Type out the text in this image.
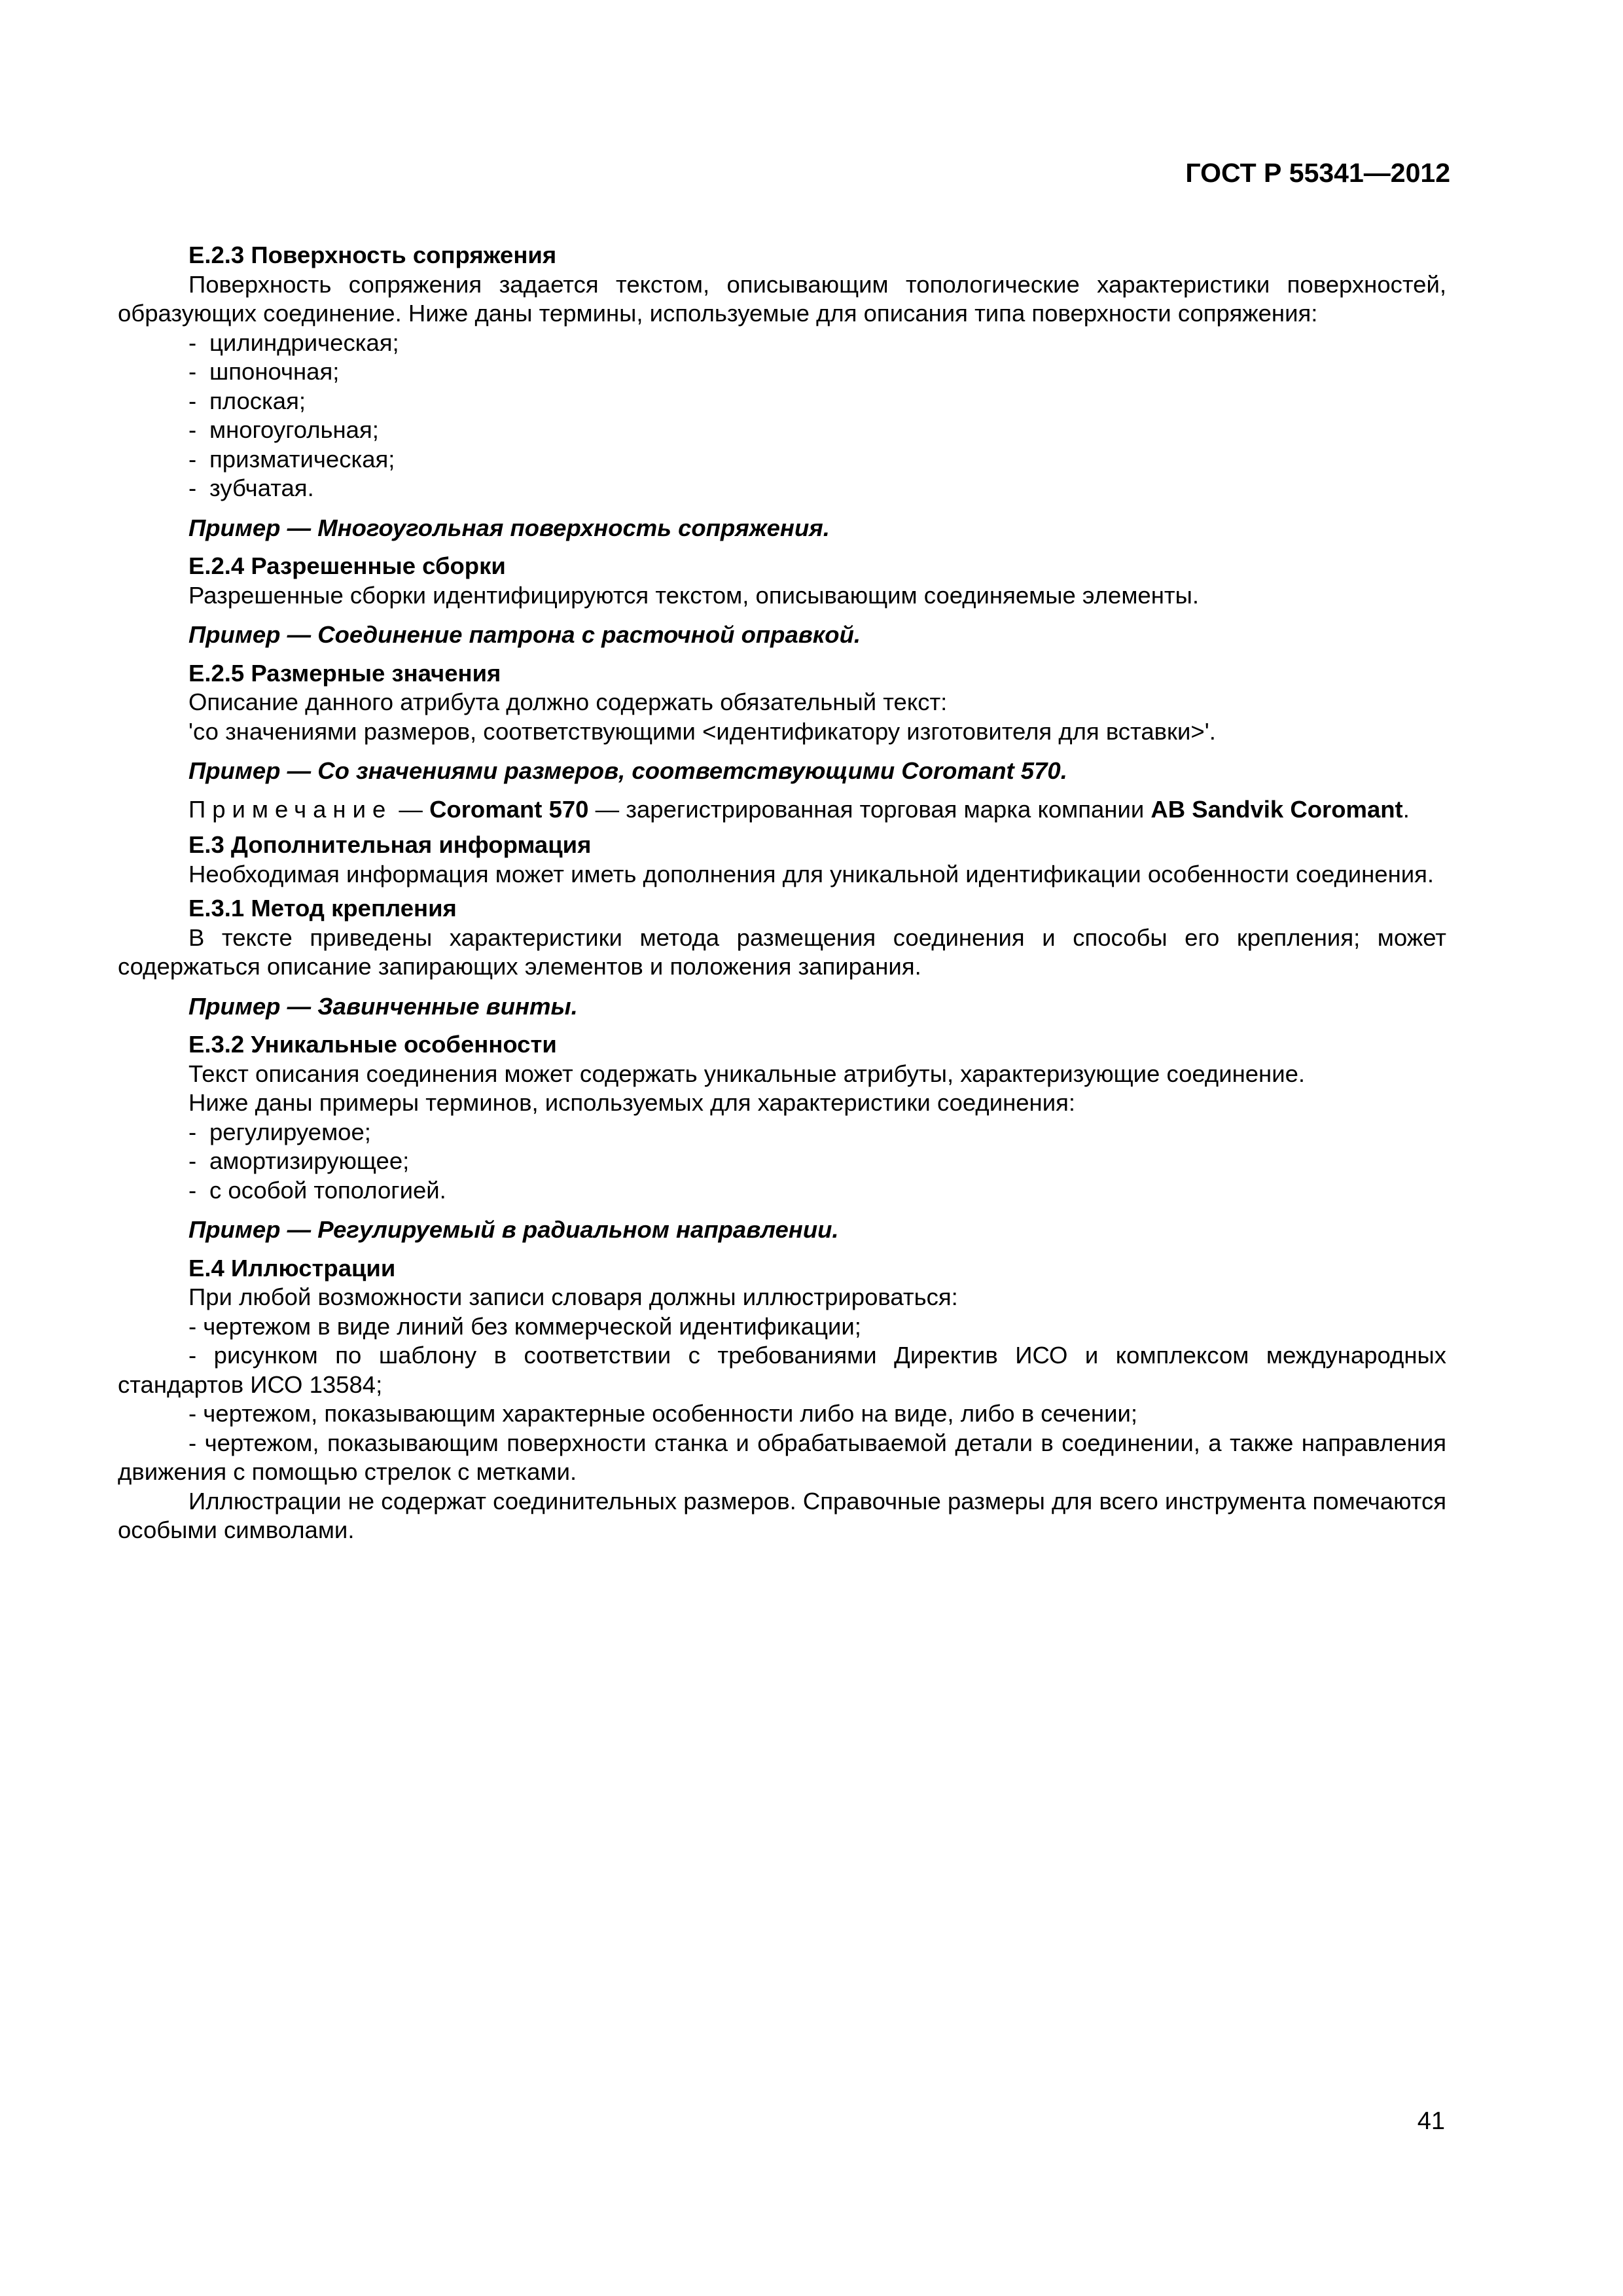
ГОСТ Р 55341—2012
Е.2.3 Поверхность сопряжения
Поверхность сопряжения задается текстом, описывающим топологические характеристики поверхностей, образующих соединение. Ниже даны термины, используемые для описания типа поверхности сопряжения:
- цилиндрическая;
- шпоночная;
- плоская;
- многоугольная;
- призматическая;
- зубчатая.
Пример — Многоугольная поверхность сопряжения.
Е.2.4 Разрешенные сборки
Разрешенные сборки идентифицируются текстом, описывающим соединяемые элементы.
Пример — Соединение патрона с расточной оправкой.
Е.2.5 Размерные значения
Описание данного атрибута должно содержать обязательный текст:
'со значениями размеров, соответствующими <идентификатору изготовителя для вставки>'.
Пример — Со значениями размеров, соответствующими Coromant 570.
Примечание — Coromant 570 — зарегистрированная торговая марка компании AB Sandvik Coromant.
Е.3 Дополнительная информация
Необходимая информация может иметь дополнения для уникальной идентификации особенности соединения.
Е.3.1 Метод крепления
В тексте приведены характеристики метода размещения соединения и способы его крепления; может содержаться описание запирающих элементов и положения запирания.
Пример — Завинченные винты.
Е.3.2 Уникальные особенности
Текст описания соединения может содержать уникальные атрибуты, характеризующие соединение.
Ниже даны примеры терминов, используемых для характеристики соединения:
- регулируемое;
- амортизирующее;
- с особой топологией.
Пример — Регулируемый в радиальном направлении.
Е.4 Иллюстрации
При любой возможности записи словаря должны иллюстрироваться:
- чертежом в виде линий без коммерческой идентификации;
- рисунком по шаблону в соответствии с требованиями Директив ИСО и комплексом международных стандартов ИСО 13584;
- чертежом, показывающим характерные особенности либо на виде, либо в сечении;
- чертежом, показывающим поверхности станка и обрабатываемой детали в соединении, а также направления движения с помощью стрелок с метками.
Иллюстрации не содержат соединительных размеров. Справочные размеры для всего инструмента помечаются особыми символами.
41
